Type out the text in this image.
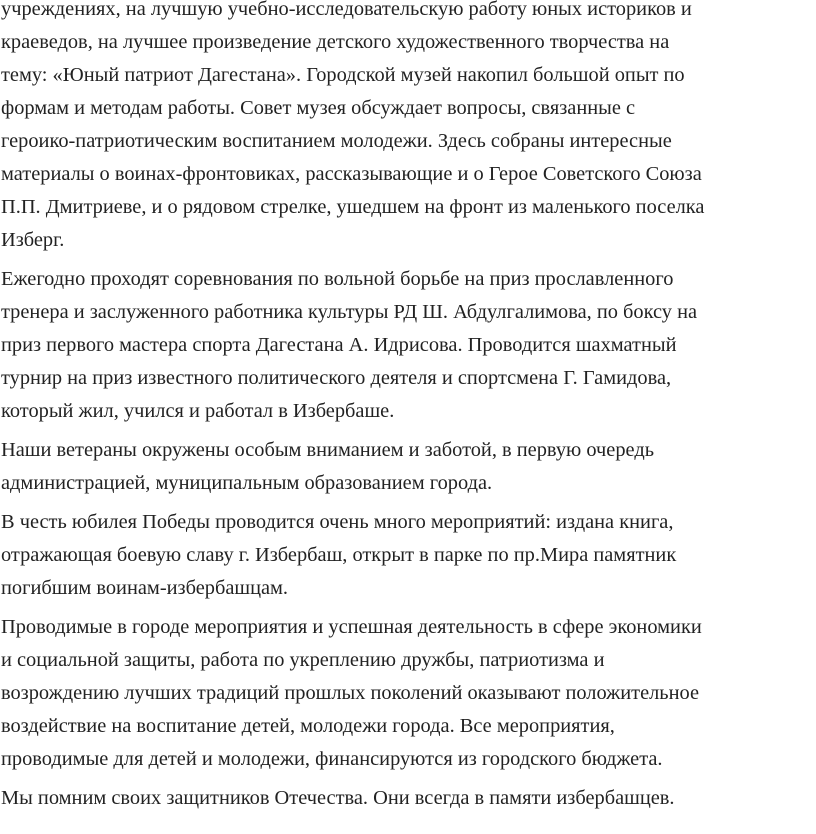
учреждениях, на лучшую учебно-исследовательскую работу юных историков и
краеведов, на лучшее произведение детского художественного творчества на
тему: «Юный патриот Дагестана». Городской музей накопил большой опыт по
формам и методам работы. Совет музея обсуждает вопросы, связанные с
героико-патриотическим воспитанием молодежи. Здесь собраны интересные
материалы о воинах-фронтовиках, рассказывающие и о Герое Советского Союза
П.П. Дмитриеве, и о рядовом стрелке, ушедшем на фронт из маленького поселка
Изберг.

Ежегодно проходят соревнования по вольной борьбе на приз прославленного
тренера и заслуженного работника культуры РД Ш. Абдулгалимова, по боксу на
приз первого мастера спорта Дагестана А. Идрисова. Проводится шахматный
турнир на приз известного политического деятеля и спортсмена Г. Гамидова,
который жил, учился и работал в Избербаше.

Наши ветераны окружены особым вниманием и заботой, в первую очередь
администрацией, муниципальным образованием города.

В честь юбилея Победы проводится очень много мероприятий: издана книга,
отражающая боевую славу г. Избербаш, открыт в парке по пр.Мира памятник
погибшим воинам-избербашцам.

Проводимые в городе мероприятия и успешная деятельность в сфере экономики
и социальной защиты, работа по укреплению дружбы, патриотизма и
возрождению лучших традиций прошлых поколений оказывают положительное
воздействие на воспитание детей, молодежи города. Все мероприятия,
проводимые для детей и молодежи, финансируются из городского бюджета.

Мы помним своих защитников Отечества. Они всегда в памяти избербашцев.
